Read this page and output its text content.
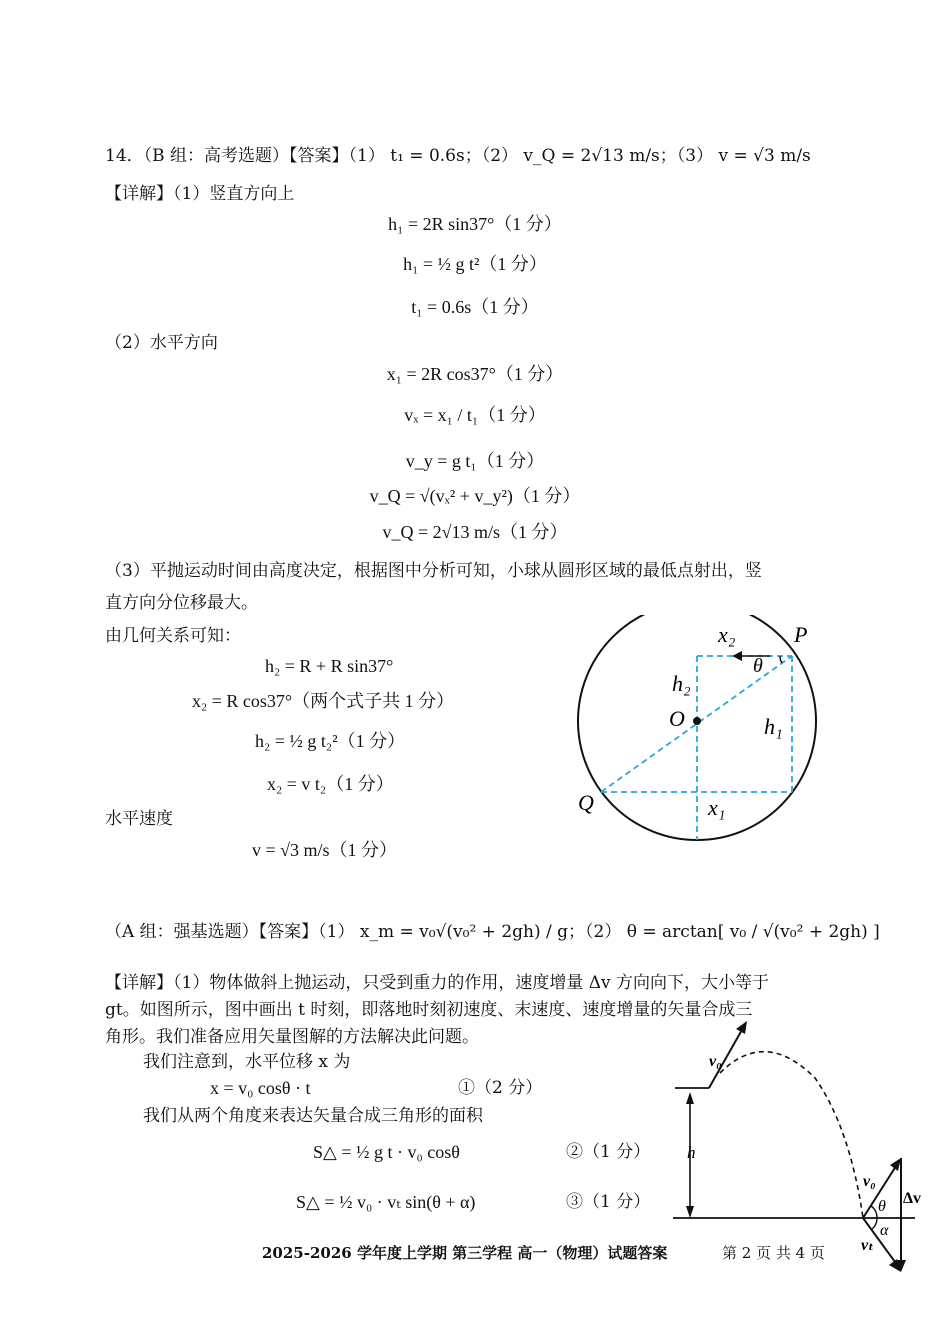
14．（B 组：高考选题）【答案】（1） t₁ = 0.6s；（2） v_Q = 2√13 m/s；（3） v = √3 m/s
【详解】（1）竖直方向上
h₁ = 2R sin37°（1 分）
h₁ = ½ g t²（1 分）
t₁ = 0.6s（1 分）
（2）水平方向
x₁ = 2R cos37°（1 分）
vₓ = x₁ / t₁（1 分）
v_y = g t₁（1 分）
v_Q = √(vₓ² + v_y²)（1 分）
v_Q = 2√13 m/s（1 分）
（3）平抛运动时间由高度决定，根据图中分析可知，小球从圆形区域的最低点射出，竖
直方向分位移最大。
由几何关系可知：
h₂ = R + R sin37°
x₂ = R cos37°（两个式子共 1 分）
h₂ = ½ g t₂²（1 分）
x₂ = v t₂（1 分）
水平速度
v = √3 m/s（1 分）
x₂	P
θ
h₂
O	h₁
Q	x₁
（A 组：强基选题）【答案】（1） x_m = v₀√(v₀² + 2gh) / g；（2） θ = arctan[ v₀ / √(v₀² + 2gh) ]
【详解】（1）物体做斜上抛运动，只受到重力的作用，速度增量 Δv 方向向下，大小等于
gt。如图所示，图中画出 t 时刻，即落地时刻初速度、末速度、速度增量的矢量合成三
角形。我们准备应用矢量图解的方法解决此问题。
我们注意到，水平位移 x 为
x = v₀ cosθ · t	①（2 分）
我们从两个角度来表达矢量合成三角形的面积
S△ = ½ g t · v₀ cosθ	②（1 分）
S△ = ½ v₀ · vₜ sin(θ + α)	③（1 分）
v₀
h
v₀
θ
α
vₜ
Δv
2025-2026 学年度上学期 第三学程 高一（物理）试题答案	第 2 页 共 4 页
